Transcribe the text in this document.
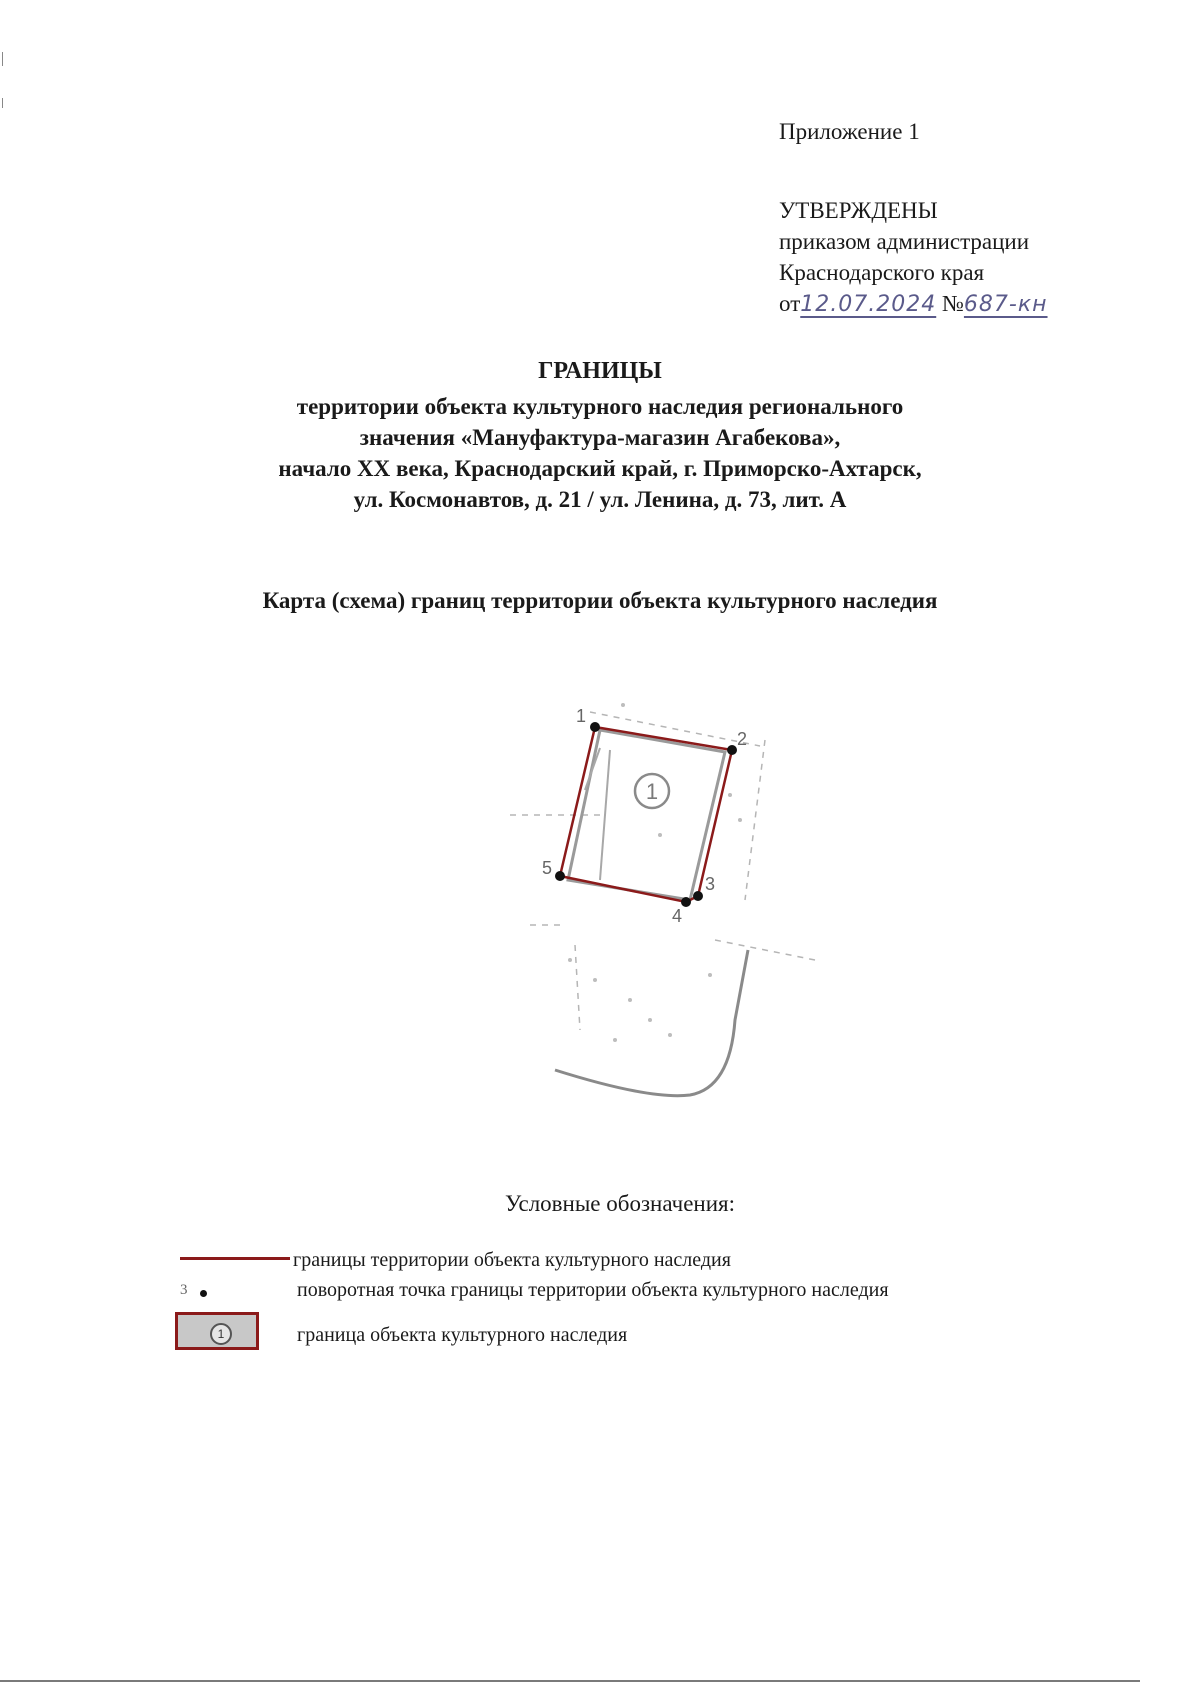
Приложение 1
УТВЕРЖДЕНЫ
приказом администрации
Краснодарского края
от12.07.2024 №687-кн
ГРАНИЦЫ
территории объекта культурного наследия регионального
значения «Мануфактура-магазин Агабекова»,
начало XX века, Краснодарский край, г. Приморско-Ахтарск,
ул. Космонавтов, д. 21 / ул. Ленина, д. 73, лит. А
Карта (схема) границ территории объекта культурного наследия
1
1
2
3
4
5
Условные обозначения:
границы территории объекта культурного наследия
3	поворотная точка границы территории объекта культурного наследия
1	граница объекта культурного наследия
